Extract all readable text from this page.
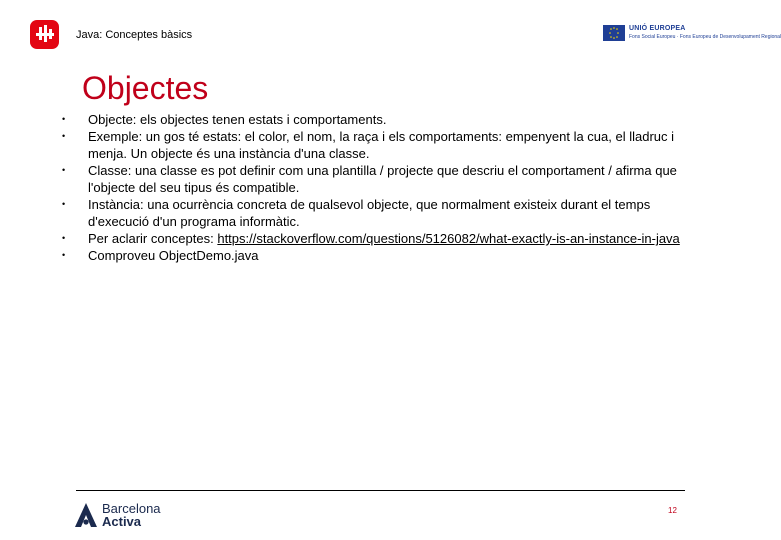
Java: Conceptes bàsics
UNIÓ EUROPEA
Fons Social Europeu · Fons Europeu de Desenvolupament Regional
Objectes
• Objecte: els objectes tenen estats i comportaments.
• Exemple: un gos té estats: el color, el nom, la raça i els comportaments: empenyent la cua, el lladruc i menja. Un objecte és una instància d'una classe.
• Classe: una classe es pot definir com una plantilla / projecte que descriu el comportament / afirma que l'objecte del seu tipus és compatible.
• Instància: una ocurrència concreta de qualsevol objecte, que normalment existeix durant el temps d'execució d'un programa informàtic.
• Per aclarir conceptes: https://stackoverflow.com/questions/5126082/what-exactly-is-an-instance-in-java
• Comproveu ObjectDemo.java
Barcelona
Activa
12
